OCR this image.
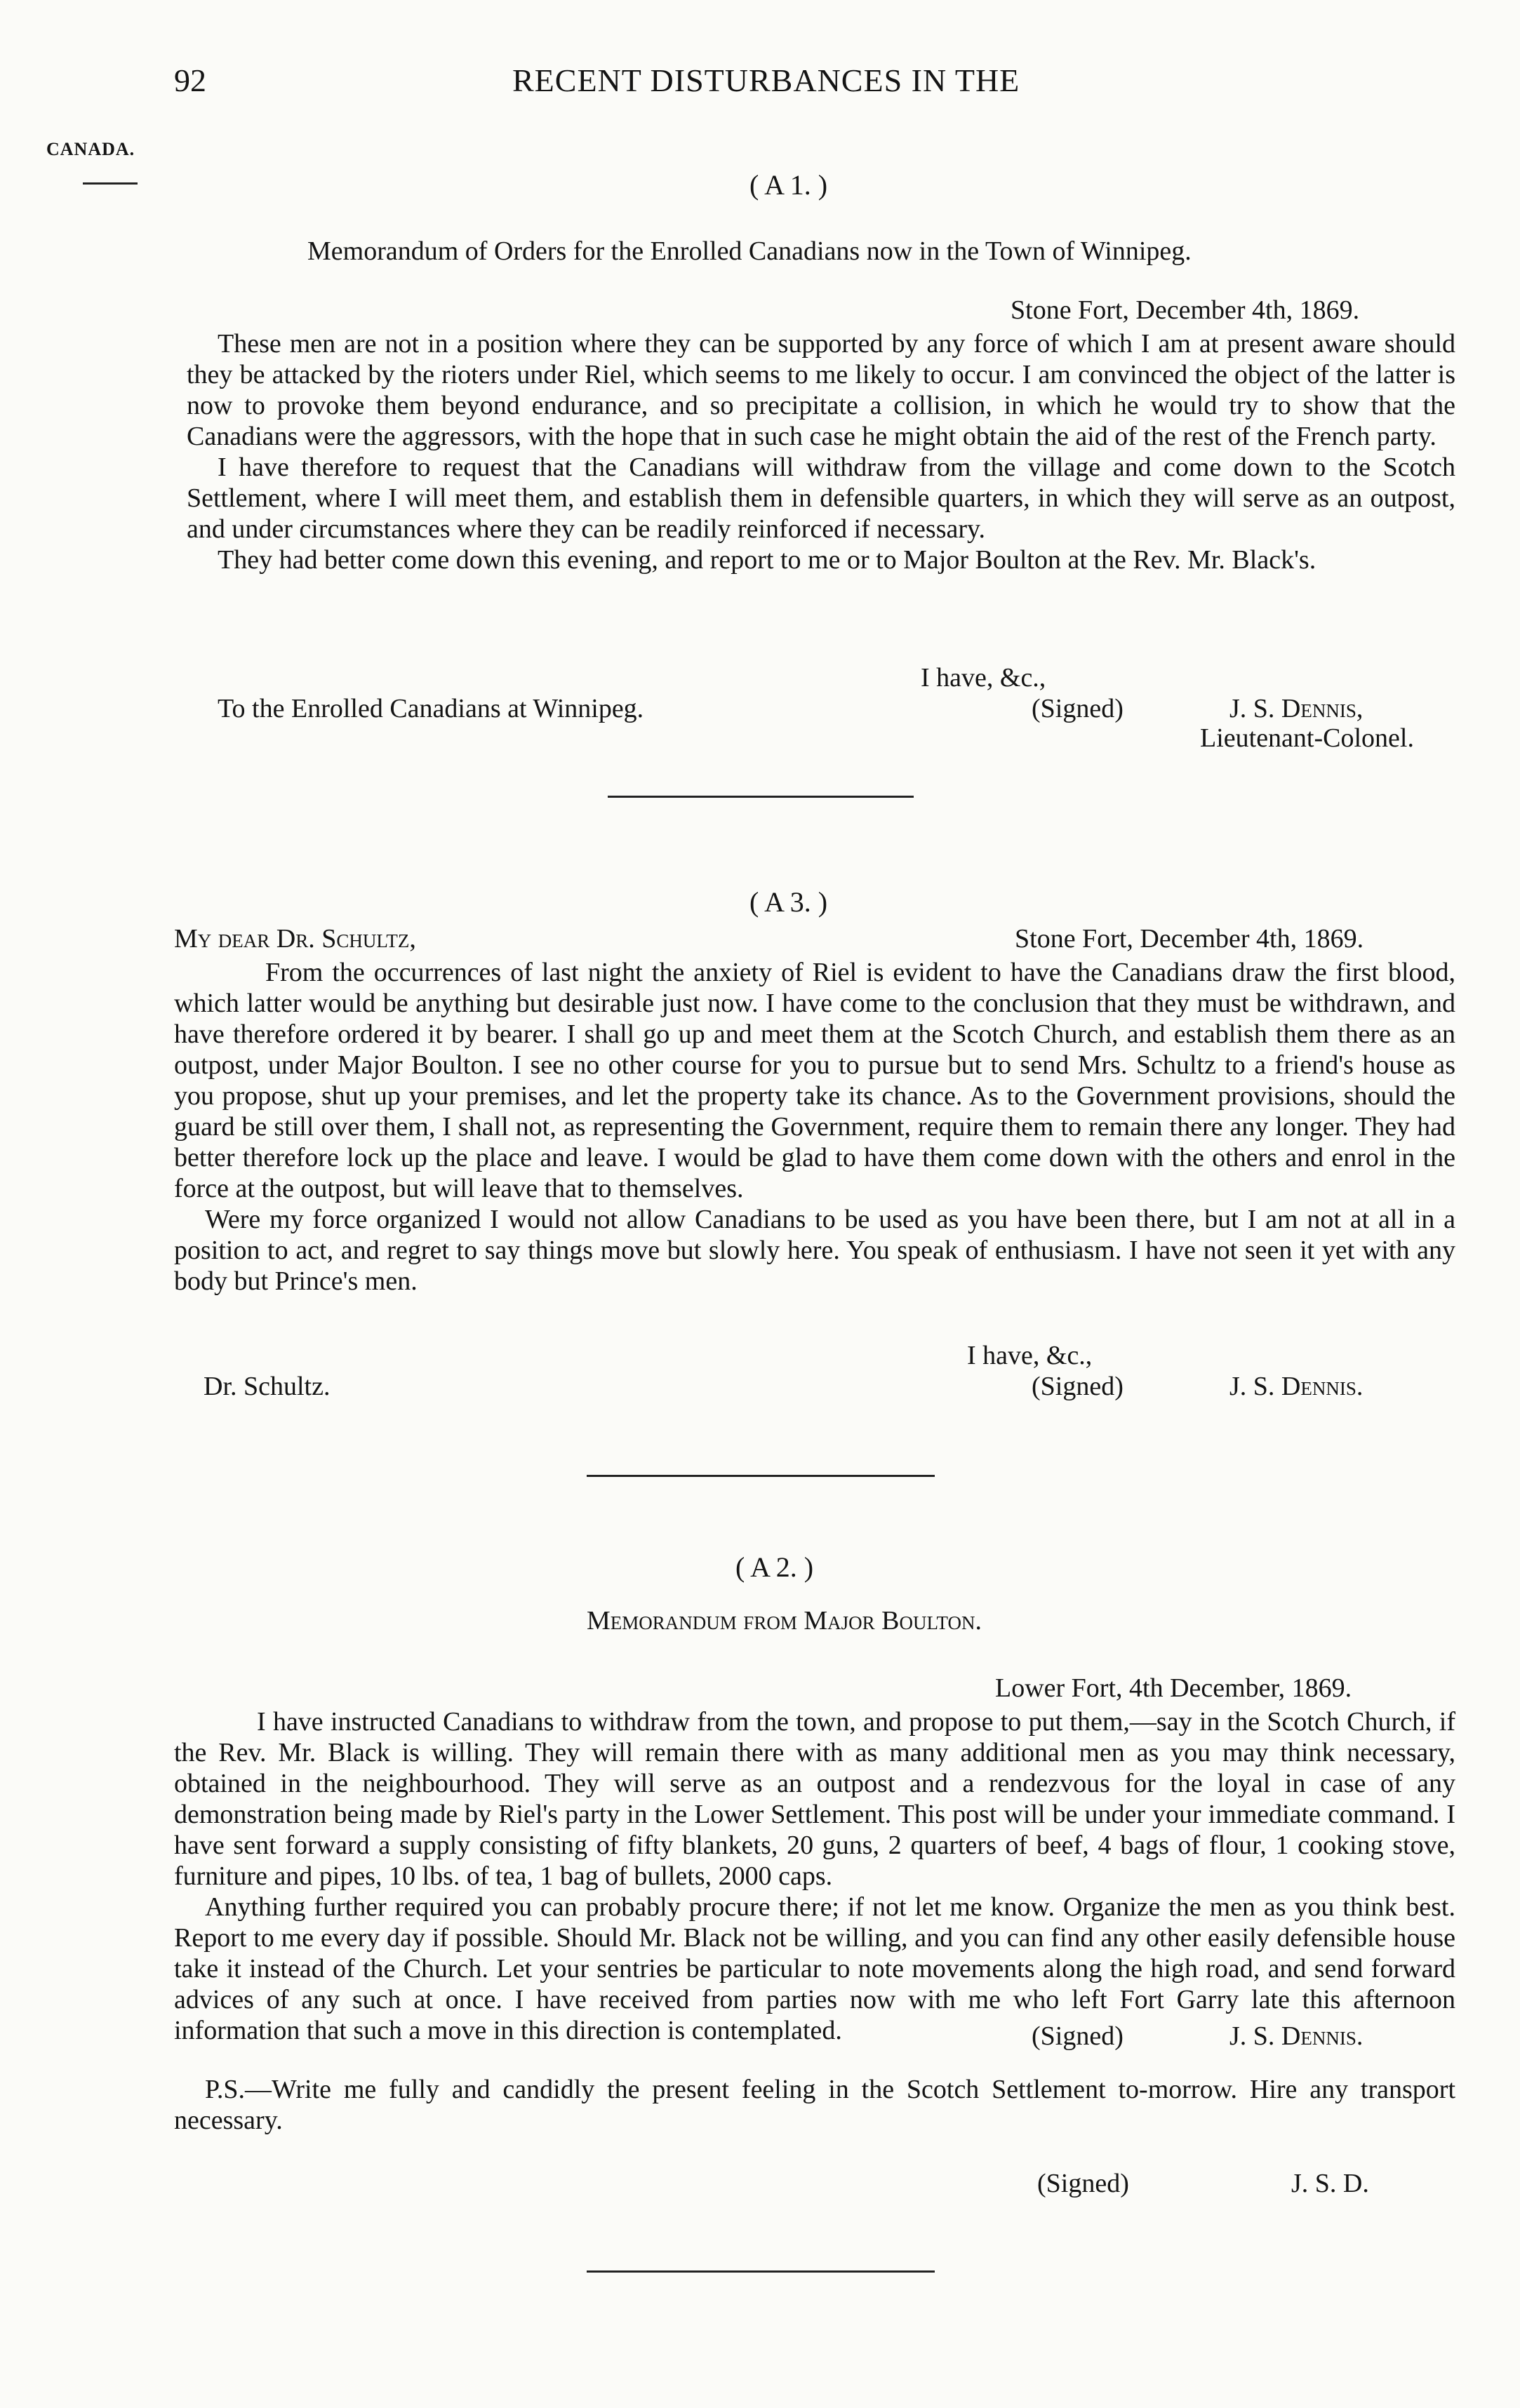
92	RECENT DISTURBANCES IN THE
CANADA.
( A 1. )
Memorandum of Orders for the Enrolled Canadians now in the Town of Winnipeg.
Stone Fort, December 4th, 1869.

These men are not in a position where they can be supported by any force of which I am at present aware should they be attacked by the rioters under Riel, which seems to me likely to occur. I am convinced the object of the latter is now to provoke them beyond endurance, and so precipitate a collision, in which he would try to show that the Canadians were the aggressors, with the hope that in such case he might obtain the aid of the rest of the French party.

I have therefore to request that the Canadians will withdraw from the village and come down to the Scotch Settlement, where I will meet them, and establish them in defensible quarters, in which they will serve as an outpost, and under circumstances where they can be readily reinforced if necessary.

They had better come down this evening, and report to me or to Major Boulton at the Rev. Mr. Black's.

I have, &c.,
To the Enrolled Canadians at Winnipeg.	(Signed)	J. S. Dennis,
Lieutenant-Colonel.
( A 3. )
My dear Dr. Schultz,	Stone Fort, December 4th, 1869.

From the occurrences of last night the anxiety of Riel is evident to have the Canadians draw the first blood, which latter would be anything but desirable just now. I have come to the conclusion that they must be withdrawn, and have therefore ordered it by bearer. I shall go up and meet them at the Scotch Church, and establish them there as an outpost, under Major Boulton. I see no other course for you to pursue but to send Mrs. Schultz to a friend's house as you propose, shut up your premises, and let the property take its chance. As to the Government provisions, should the guard be still over them, I shall not, as representing the Government, require them to remain there any longer. They had better therefore lock up the place and leave. I would be glad to have them come down with the others and enrol in the force at the outpost, but will leave that to themselves.

Were my force organized I would not allow Canadians to be used as you have been there, but I am not at all in a position to act, and regret to say things move but slowly here. You speak of enthusiasm. I have not seen it yet with any body but Prince's men.

I have, &c.,
Dr. Schultz.	(Signed)	J. S. Dennis.
( A 2. )
Memorandum from Major Boulton.
Lower Fort, 4th December, 1869.

I have instructed Canadians to withdraw from the town, and propose to put them,—say in the Scotch Church, if the Rev. Mr. Black is willing. They will remain there with as many additional men as you may think necessary, obtained in the neighbourhood. They will serve as an outpost and a rendezvous for the loyal in case of any demonstration being made by Riel's party in the Lower Settlement. This post will be under your immediate command. I have sent forward a supply consisting of fifty blankets, 20 guns, 2 quarters of beef, 4 bags of flour, 1 cooking stove, furniture and pipes, 10 lbs. of tea, 1 bag of bullets, 2000 caps.

Anything further required you can probably procure there; if not let me know. Organize the men as you think best. Report to me every day if possible. Should Mr. Black not be willing, and you can find any other easily defensible house take it instead of the Church. Let your sentries be particular to note movements along the high road, and send forward advices of any such at once. I have received from parties now with me who left Fort Garry late this afternoon information that such a move in this direction is contemplated.	(Signed)	J. S. Dennis.

P.S.—Write me fully and candidly the present feeling in the Scotch Settlement to-morrow. Hire any transport necessary.

(Signed)	J. S. D.
